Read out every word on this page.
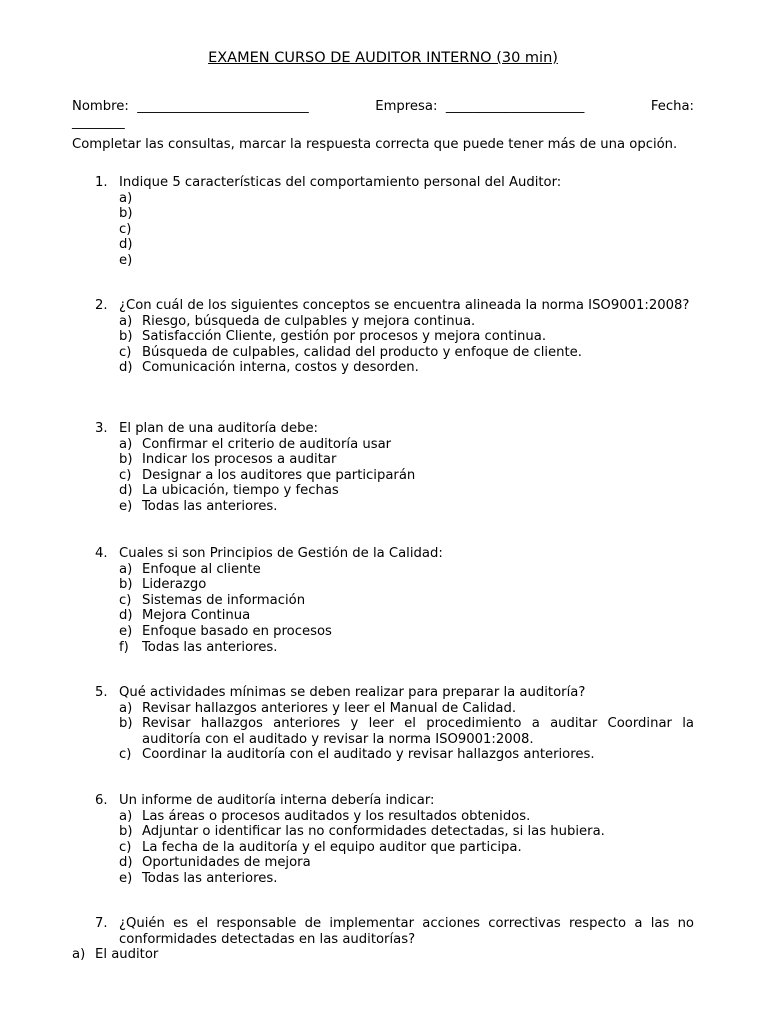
EXAMEN CURSO DE AUDITOR INTERNO (30 min)
Nombre:  __________________________	Empresa:  _____________________	Fecha:
________
Completar las consultas, marcar la respuesta correcta que puede tener más de una opción.
1. Indique 5 características del comportamiento personal del Auditor:
a)
b)
c)
d)
e)
2. ¿Con cuál de los siguientes conceptos se encuentra alineada la norma ISO9001:2008?
a) Riesgo, búsqueda de culpables y mejora continua.
b) Satisfacción Cliente, gestión por procesos y mejora continua.
c) Búsqueda de culpables, calidad del producto y enfoque de cliente.
d) Comunicación interna, costos y desorden.
3. El plan de una auditoría debe:
a) Confirmar el criterio de auditoría usar
b) Indicar los procesos a auditar
c) Designar a los auditores que participarán
d) La ubicación, tiempo y fechas
e) Todas las anteriores.
4. Cuales si son Principios de Gestión de la Calidad:
a) Enfoque al cliente
b) Liderazgo
c) Sistemas de información
d) Mejora Continua
e) Enfoque basado en procesos
f)	Todas las anteriores.
5. Qué actividades mínimas se deben realizar para preparar la auditoría?
a) Revisar hallazgos anteriores y leer el Manual de Calidad.
b) Revisar hallazgos anteriores y leer el procedimiento a auditar Coordinar la auditoría con el auditado y revisar la norma ISO9001:2008.
c) Coordinar la auditoría con el auditado y revisar hallazgos anteriores.
6. Un informe de auditoría interna debería indicar:
a) Las áreas o procesos auditados y los resultados obtenidos.
b) Adjuntar o identificar las no conformidades detectadas, si las hubiera.
c) La fecha de la auditoría y el equipo auditor que participa.
d) Oportunidades de mejora
e) Todas las anteriores.
7. ¿Quién es el responsable de implementar acciones correctivas respecto a las no conformidades detectadas en las auditorías?
a) El auditor
